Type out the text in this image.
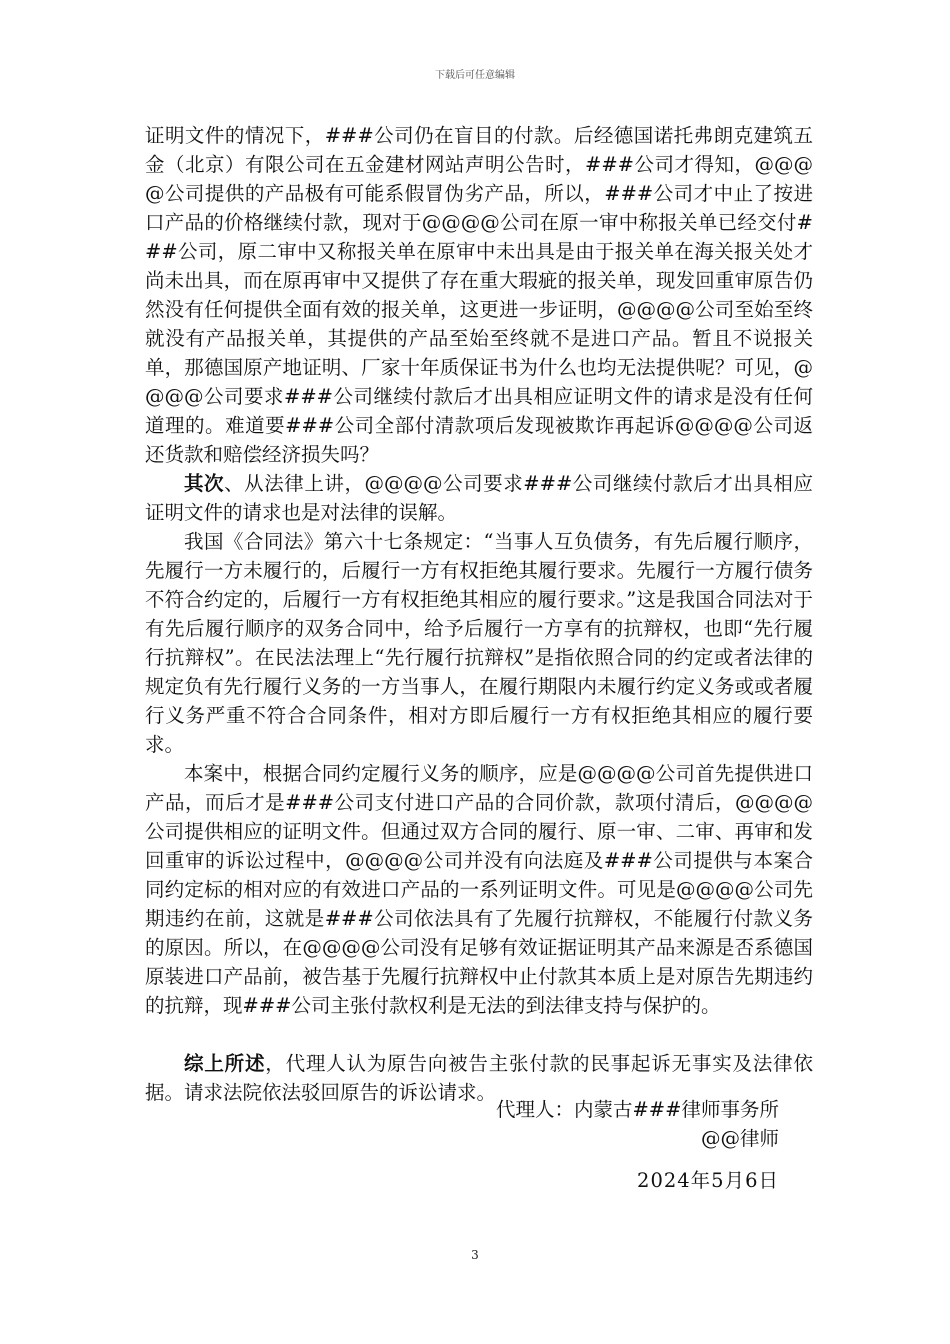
下载后可任意编辑

证明文件的情况下，###公司仍在盲目的付款。后经德国诺托弗朗克建筑五金（北京）有限公司在五金建材网站声明公告时，###公司才得知，@@@@公司提供的产品极有可能系假冒伪劣产品，所以，###公司才中止了按进口产品的价格继续付款，现对于@@@@公司在原一审中称报关单已经交付###公司，原二审中又称报关单在原审中未出具是由于报关单在海关报关处才尚未出具，而在原再审中又提供了存在重大瑕疵的报关单，现发回重审原告仍然没有任何提供全面有效的报关单，这更进一步证明，@@@@公司至始至终就没有产品报关单，其提供的产品至始至终就不是进口产品。暂且不说报关单，那德国原产地证明、厂家十年质保证书为什么也均无法提供呢？可见，@@@@公司要求###公司继续付款后才出具相应证明文件的请求是没有任何道理的。难道要###公司全部付清款项后发现被欺诈再起诉@@@@公司返还货款和赔偿经济损失吗？

其次、从法律上讲，@@@@公司要求###公司继续付款后才出具相应证明文件的请求也是对法律的误解。

我国《合同法》第六十七条规定：“当事人互负债务，有先后履行顺序，先履行一方未履行的，后履行一方有权拒绝其履行要求。先履行一方履行债务不符合约定的，后履行一方有权拒绝其相应的履行要求。”这是我国合同法对于有先后履行顺序的双务合同中，给予后履行一方享有的抗辩权，也即“先行履行抗辩权”。在民法法理上“先行履行抗辩权”是指依照合同的约定或者法律的规定负有先行履行义务的一方当事人，在履行期限内未履行约定义务或或者履行义务严重不符合合同条件，相对方即后履行一方有权拒绝其相应的履行要求。

本案中，根据合同约定履行义务的顺序，应是@@@@公司首先提供进口产品，而后才是###公司支付进口产品的合同价款，款项付清后，@@@@公司提供相应的证明文件。但通过双方合同的履行、原一审、二审、再审和发回重审的诉讼过程中，@@@@公司并没有向法庭及###公司提供与本案合同约定标的相对应的有效进口产品的一系列证明文件。可见是@@@@公司先期违约在前，这就是###公司依法具有了先履行抗辩权，不能履行付款义务的原因。所以，在@@@@公司没有足够有效证据证明其产品来源是否系德国原装进口产品前，被告基于先履行抗辩权中止付款其本质上是对原告先期违约的抗辩，现###公司主张付款权利是无法的到法律支持与保护的。

综上所述，代理人认为原告向被告主张付款的民事起诉无事实及法律依据。请求法院依法驳回原告的诉讼请求。

代理人：内蒙古###律师事务所
@@律师
2024年5月6日
3
